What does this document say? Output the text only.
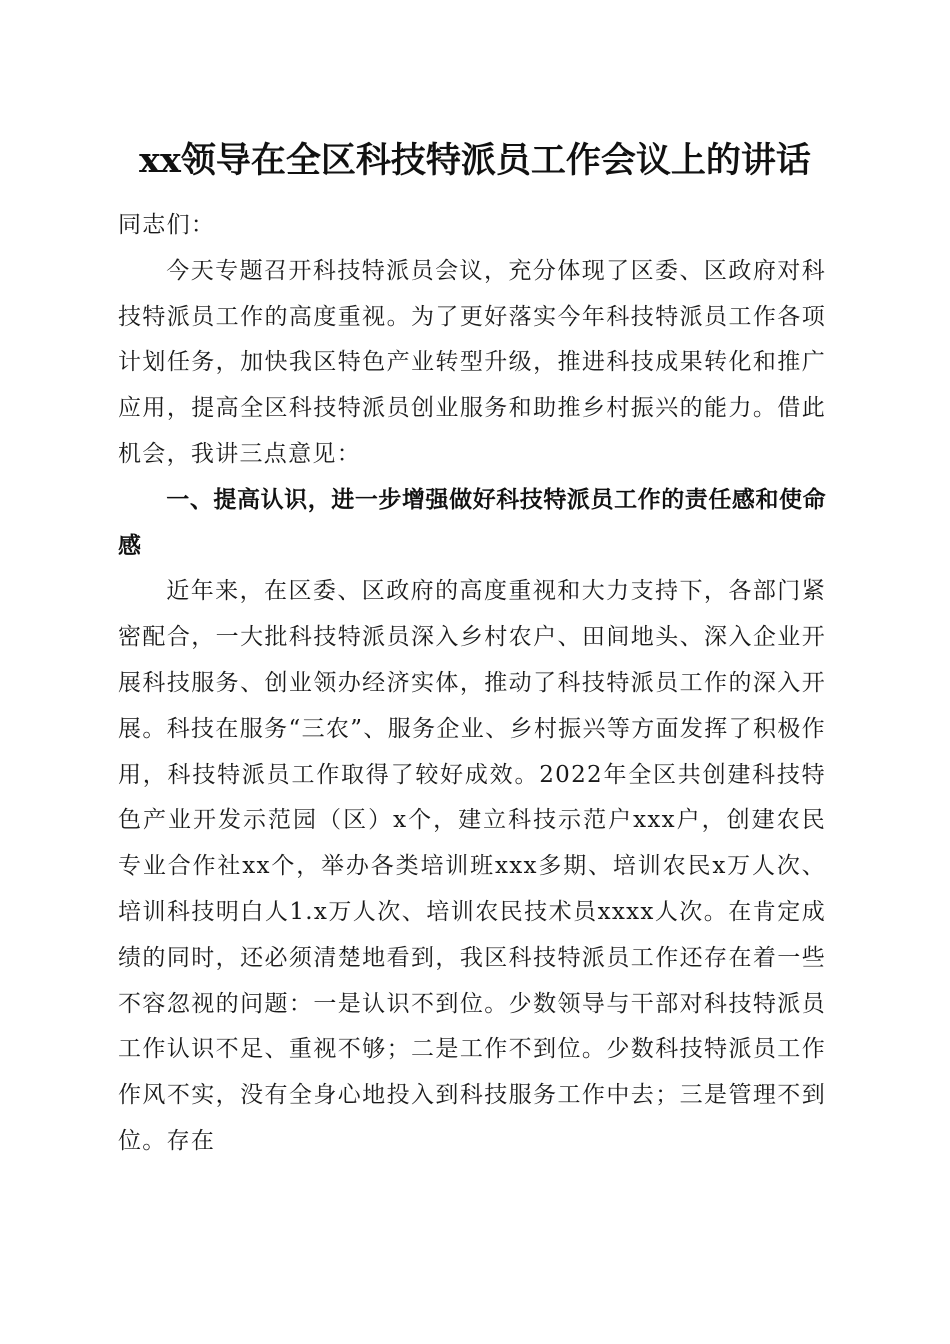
xx领导在全区科技特派员工作会议上的讲话

同志们：

今天专题召开科技特派员会议，充分体现了区委、区政府对科技特派员工作的高度重视。为了更好落实今年科技特派员工作各项计划任务，加快我区特色产业转型升级，推进科技成果转化和推广应用，提高全区科技特派员创业服务和助推乡村振兴的能力。借此机会，我讲三点意见：

一、提高认识，进一步增强做好科技特派员工作的责任感和使命感

近年来，在区委、区政府的高度重视和大力支持下，各部门紧密配合，一大批科技特派员深入乡村农户、田间地头、深入企业开展科技服务、创业领办经济实体，推动了科技特派员工作的深入开展。科技在服务“三农”、服务企业、乡村振兴等方面发挥了积极作用，科技特派员工作取得了较好成效。2022年全区共创建科技特色产业开发示范园（区）x个，建立科技示范户xxx户，创建农民专业合作社xx个，举办各类培训班xxx多期、培训农民x万人次、培训科技明白人1.x万人次、培训农民技术员xxxx人次。在肯定成绩的同时，还必须清楚地看到，我区科技特派员工作还存在着一些不容忽视的问题：一是认识不到位。少数领导与干部对科技特派员工作认识不足、重视不够；二是工作不到位。少数科技特派员工作作风不实，没有全身心地投入到科技服务工作中去；三是管理不到位。存在
